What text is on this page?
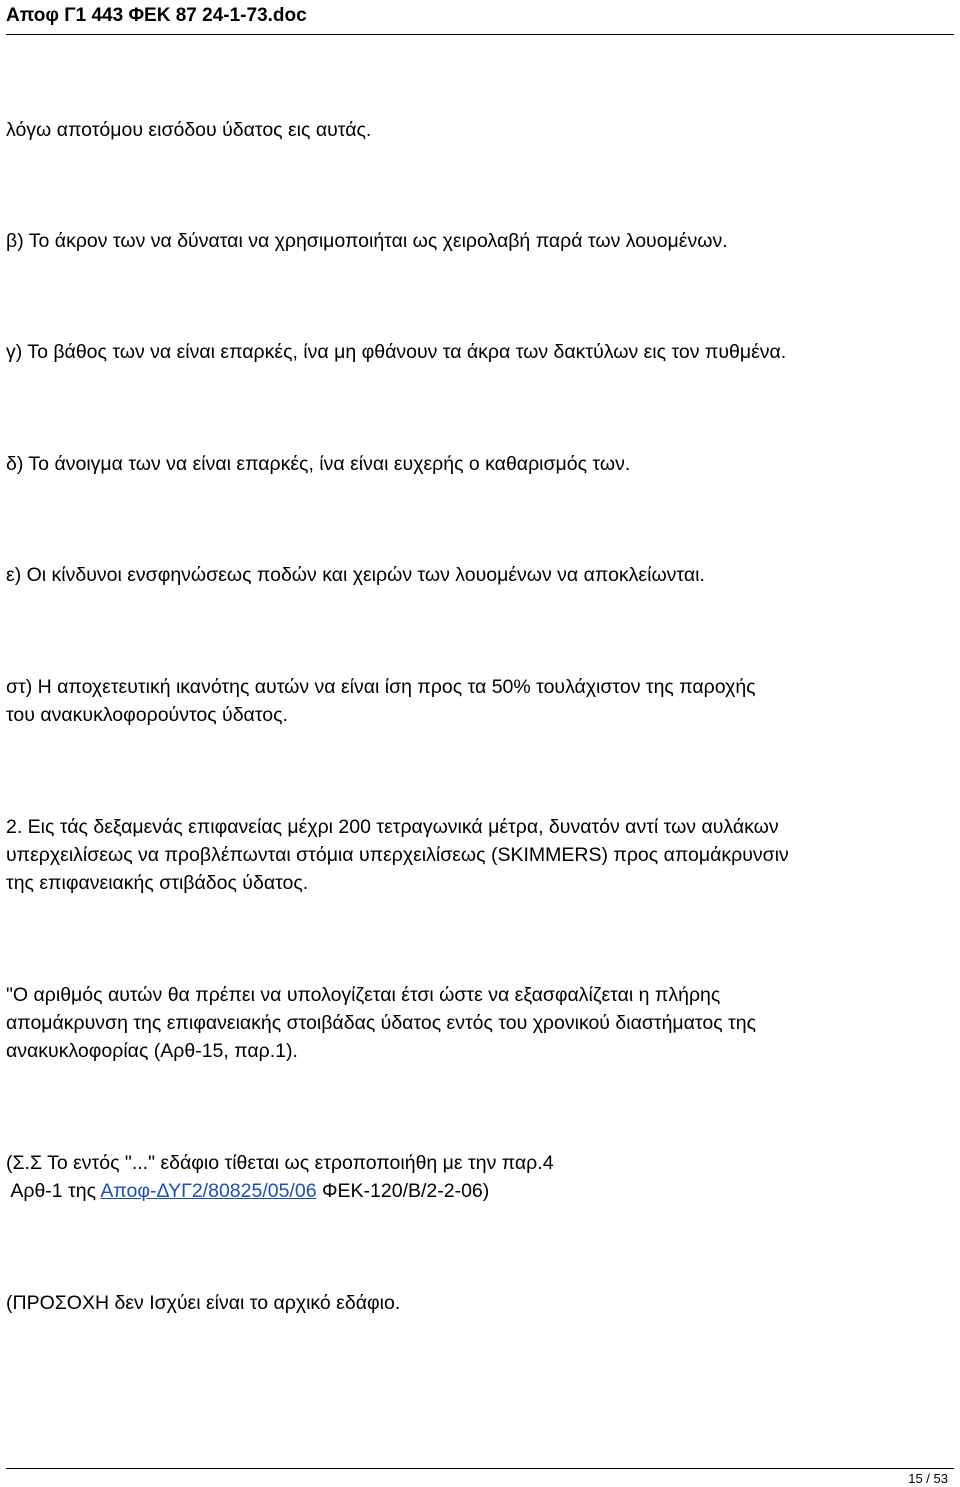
Αποφ Γ1 443 ΦΕΚ 87 24-1-73.doc

λόγω αποτόμου εισόδου ύδατος εις αυτάς.

β) Το άκρον των να δύναται να χρησιμοποιήται ως χειρολαβή παρά των λουομένων.

γ) Το βάθος των να είναι επαρκές, ίνα μη φθάνουν τα άκρα των δακτύλων εις τον πυθμένα.

δ) Το άνοιγμα των να είναι επαρκές, ίνα είναι ευχερής ο καθαρισμός των.

ε) Οι κίνδυνοι ενσφηνώσεως ποδών και χειρών των λουομένων να αποκλείωνται.

στ) Η αποχετευτική ικανότης αυτών να είναι ίση προς τα 50% τουλάχιστον της παροχής
του ανακυκλοφορούντος ύδατος.

2. Εις τάς δεξαμενάς επιφανείας μέχρι 200 τετραγωνικά μέτρα, δυνατόν αντί των αυλάκων
υπερχειλίσεως να προβλέπωνται στόμια υπερχειλίσεως (SKIMMERS) προς απομάκρυνσιν
της επιφανειακής στιβάδος ύδατος.

"Ο αριθμός αυτών θα πρέπει να υπολογίζεται έτσι ώστε να εξασφαλίζεται η πλήρης
απομάκρυνση της επιφανειακής στοιβάδας ύδατος εντός του χρονικού διαστήματος της
ανακυκλοφορίας (Αρθ-15, παρ.1).

(Σ.Σ Το εντός "..." εδάφιο τίθεται ως ετροποποιήθη με την παρ.4
Αρθ-1 της Αποφ-ΔΥΓ2/80825/05/06 ΦΕΚ-120/Β/2-2-06)

(ΠΡΟΣΟΧΗ δεν Ισχύει είναι το αρχικό εδάφιο.

15 / 53
